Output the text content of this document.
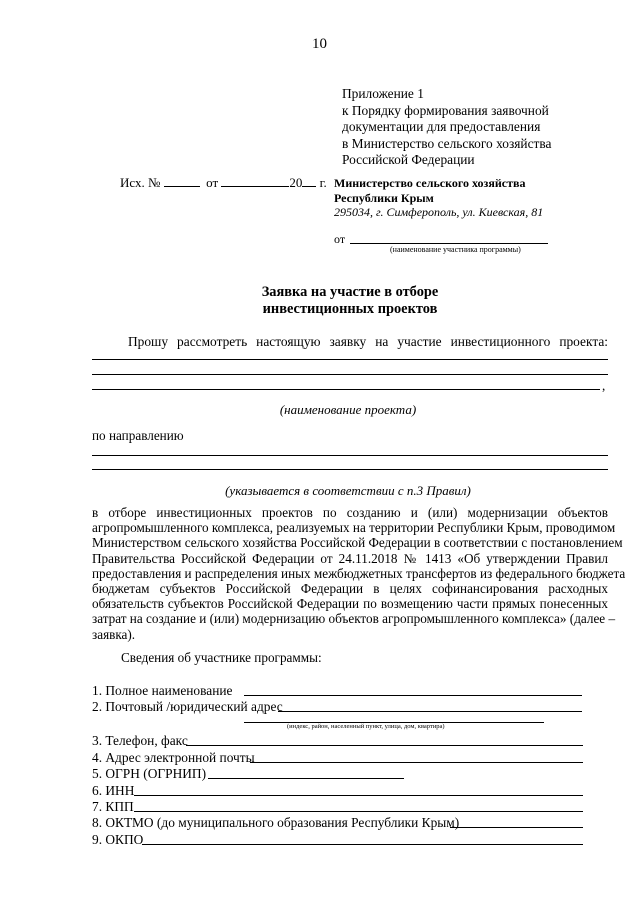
10
Приложение 1
к Порядку формирования заявочной
документации для предоставления
в Министерство сельского хозяйства
Российской Федерации
Исх. №	от	20 г. Министерство сельского хозяйства
Республики Крым
295034, г. Симферополь, ул. Киевская, 81
от
(наименование участника программы)
Заявка на участие в отборе
инвестиционных проектов
Прошу рассмотреть настоящую заявку на участие инвестиционного проекта:
,
(наименование проекта)
по направлению
(указывается в соответствии с п.3 Правил)
в отборе инвестиционных проектов по созданию и (или) модернизации объектов
агропромышленного комплекса, реализуемых на территории Республики Крым, проводимом
Министерством сельского хозяйства Российской Федерации в соответствии с постановлением
Правительства Российской Федерации от 24.11.2018 № 1413 «Об утверждении Правил
предоставления и распределения иных межбюджетных трансфертов из федерального бюджета
бюджетам субъектов Российской Федерации в целях софинансирования расходных
обязательств субъектов Российской Федерации по возмещению части прямых понесенных
затрат на создание и (или) модернизацию объектов агропромышленного комплекса» (далее –
заявка).
Сведения об участнике программы:
1. Полное наименование
2. Почтовый /юридический адрес
(индекс, район, населенный пункт, улица, дом, квартира)
3. Телефон, факс
4. Адрес электронной почты
5. ОГРН (ОГРНИП)
6. ИНН
7. КПП
8. ОКТМО (до муниципального образования Республики Крым)
9. ОКПО
